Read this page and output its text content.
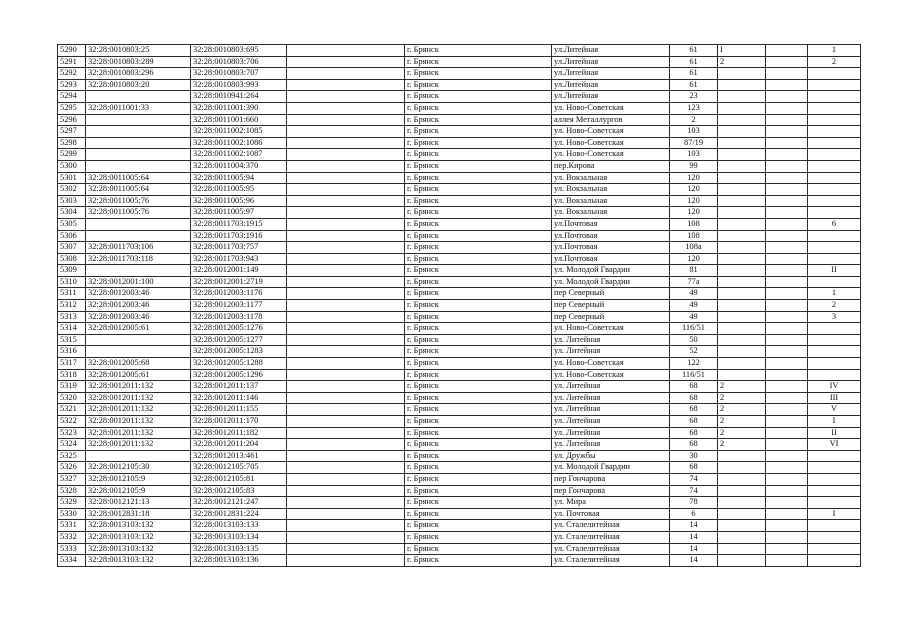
5290	32:28:0010803:25	32:28:0010803:695		г. Брянск	ул.Литейная	61	I		1
5291	32:28:0010803:289	32:28:0010803:706		г. Брянск	ул.Литейная	61	2		2
5292	32:28:0010803:296	32:28:0010803:707		г. Брянск	ул.Литейная	61			
5293	32:28:0010803:20	32:28:0010803:993		г. Брянск	ул.Литейная	61			
5294		32:28:0010941:264		г. Брянск	ул.Литейная	23			
5295	32:28:0011001:33	32:28:0011001:390		г. Брянск	ул. Ново-Советская	123			
5296		32:28:0011001:660		г. Брянск	аллея Металлургов	2			
5297		32:28:0011002:1085		г. Брянск	ул. Ново-Советская	103			
5298		32:28:0011002:1086		г. Брянск	ул. Ново-Советская	87/19			
5299		32:28:0011002:1087		г. Брянск	ул. Ново-Советская	103			
5300		32:28:0011004:370		г. Брянск	пер.Кирова	99			
5301	32:28:0011005:64	32:28:0011005:94		г. Брянск	ул. Вокзальная	120			
5302	32:28:0011005:64	32:28:0011005:95		г. Брянск	ул. Вокзальная	120			
5303	32:28:0011005:76	32:28:0011005:96		г. Брянск	ул. Вокзальная	120			
5304	32:28:0011005:76	32:28:0011005:97		г. Брянск	ул. Вокзальная	120			
5305		32:28:0011703:1915		г. Брянск	ул.Почтовая	108			6
5306		32:28:0011703:1916		г. Брянск	ул.Почтовая	108			
5307	32:28:0011703:106	32:28:0011703:757		г. Брянск	ул.Почтовая	108а			
5308	32:28:0011703:118	32:28:0011703:943		г. Брянск	ул.Почтовая	120			
5309		32:28:0012001:149		г. Брянск	ул. Молодой Гвардии	81			II
5310	32:28:0012001:100	32:28:0012001:2719		г. Брянск	ул. Молодой Гвардии	77а			
5311	32:28:0012003:46	32:28:0012003:1176		г. Брянск	пер Северный	49			1
5312	32:28:0012003:46	32:28:0012003:1177		г. Брянск	пер Северный	49			2
5313	32:28:0012003:46	32:28:0012003:1178		г. Брянск	пер Северный	49			3
5314	32:28:0012005:61	32:28:0012005:1276		г. Брянск	ул. Ново-Советская	116/51			
5315		32:28:0012005:1277		г. Брянск	ул. Литейная	50			
5316		32:28:0012005:1283		г. Брянск	ул. Литейная	52			
5317	32:28:0012005:68	32:28:0012005:1288		г. Брянск	ул. Ново-Советская	122			
5318	32:28:0012005:61	32:28:0012005:1296		г. Брянск	ул. Ново-Советская	116/51			
5319	32:28:0012011:132	32:28:0012011:137		г. Брянск	ул. Литейная	68	2		IV
5320	32:28:0012011:132	32:28:0012011:146		г. Брянск	ул. Литейная	68	2		III
5321	32:28:0012011:132	32:28:0012011:155		г. Брянск	ул. Литейная	68	2		V
5322	32:28:0012011:132	32:28:0012011:170		г. Брянск	ул. Литейная	68	2		I
5323	32:28:0012011:132	32:28:0012011:182		г. Брянск	ул. Литейная	68	2		II
5324	32:28:0012011:132	32:28:0012011:204		г. Брянск	ул. Литейная	68	2		VI
5325		32:28:0012013:461		г. Брянск	ул. Дружбы	30			
5326	32:28:0012105:30	32:28:0012105:705		г. Брянск	ул. Молодой Гвардии	68			
5327	32:28:0012105:9	32:28:0012105:81		г. Брянск	пер Гончарова	74			
5328	32:28:0012105:9	32:28:0012105:83		г. Брянск	пер Гончарова	74			
5329	32:28:0012121:13	32:28:0012121:247		г. Брянск	ул. Мира	78			
5330	32:28:0012831:18	32:28:0012831:224		г. Брянск	ул. Почтовая	6			I
5331	32:28:0013103:132	32:28:0013103:133		г. Брянск	ул. Сталелитейная	14			
5332	32:28:0013103:132	32:28:0013103:134		г. Брянск	ул. Сталелитейная	14			
5333	32:28:0013103:132	32:28:0013103:135		г. Брянск	ул. Сталелитейная	14			
5334	32:28:0013103:132	32:28:0013103:136		г. Брянск	ул. Сталелитейная	14			
